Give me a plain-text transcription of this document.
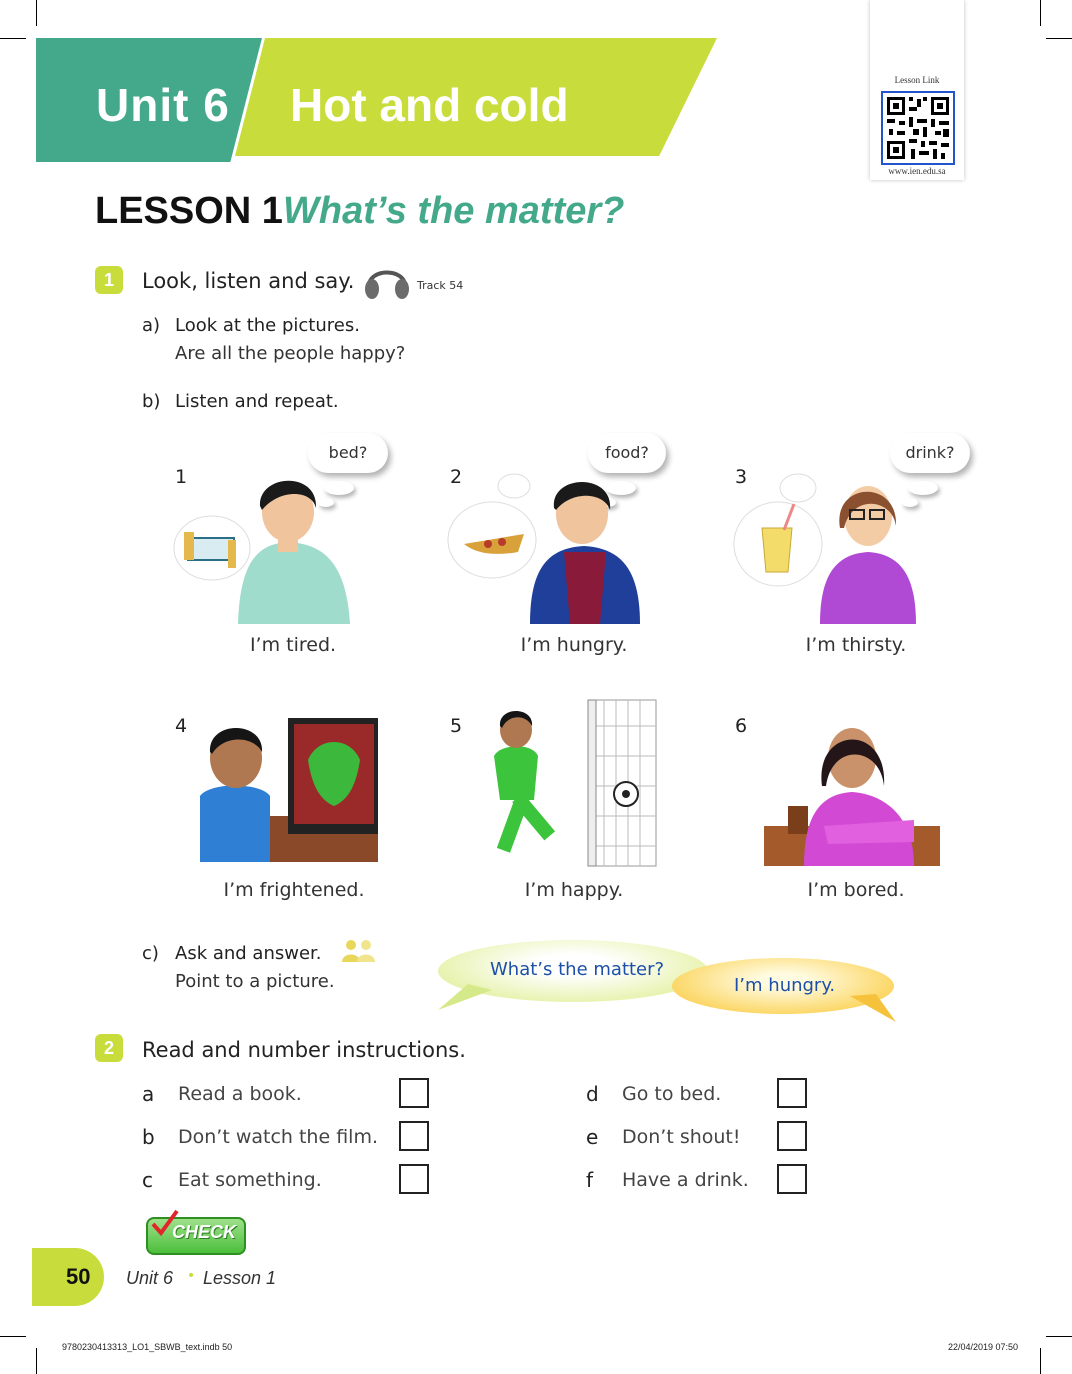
Unit 6 Hot and cold	Lesson Link
www.ien.edu.sa
LESSON 1 What’s the matter?
1	Look, listen and say.	Track 54
a) Look at the pictures.
Are all the people happy?
b) Listen and repeat.
1
bed?
I’m tired.
2
food?
I’m hungry.
3
drink?
I’m thirsty.
4
I’m frightened.
5
I’m happy.
6
I’m bored.
c) Ask and answer.
Point to a picture.
What’s the matter?
I’m hungry.
2	Read and number instructions.
a Read a book.
b Don’t watch the film.
c Eat something.
d Go to bed.
e Don’t shout!
f Have a drink.
CHECK
50 Unit 6 • Lesson 1
9780230413313_LO1_SBWB_text.indb 50	22/04/2019 07:50
